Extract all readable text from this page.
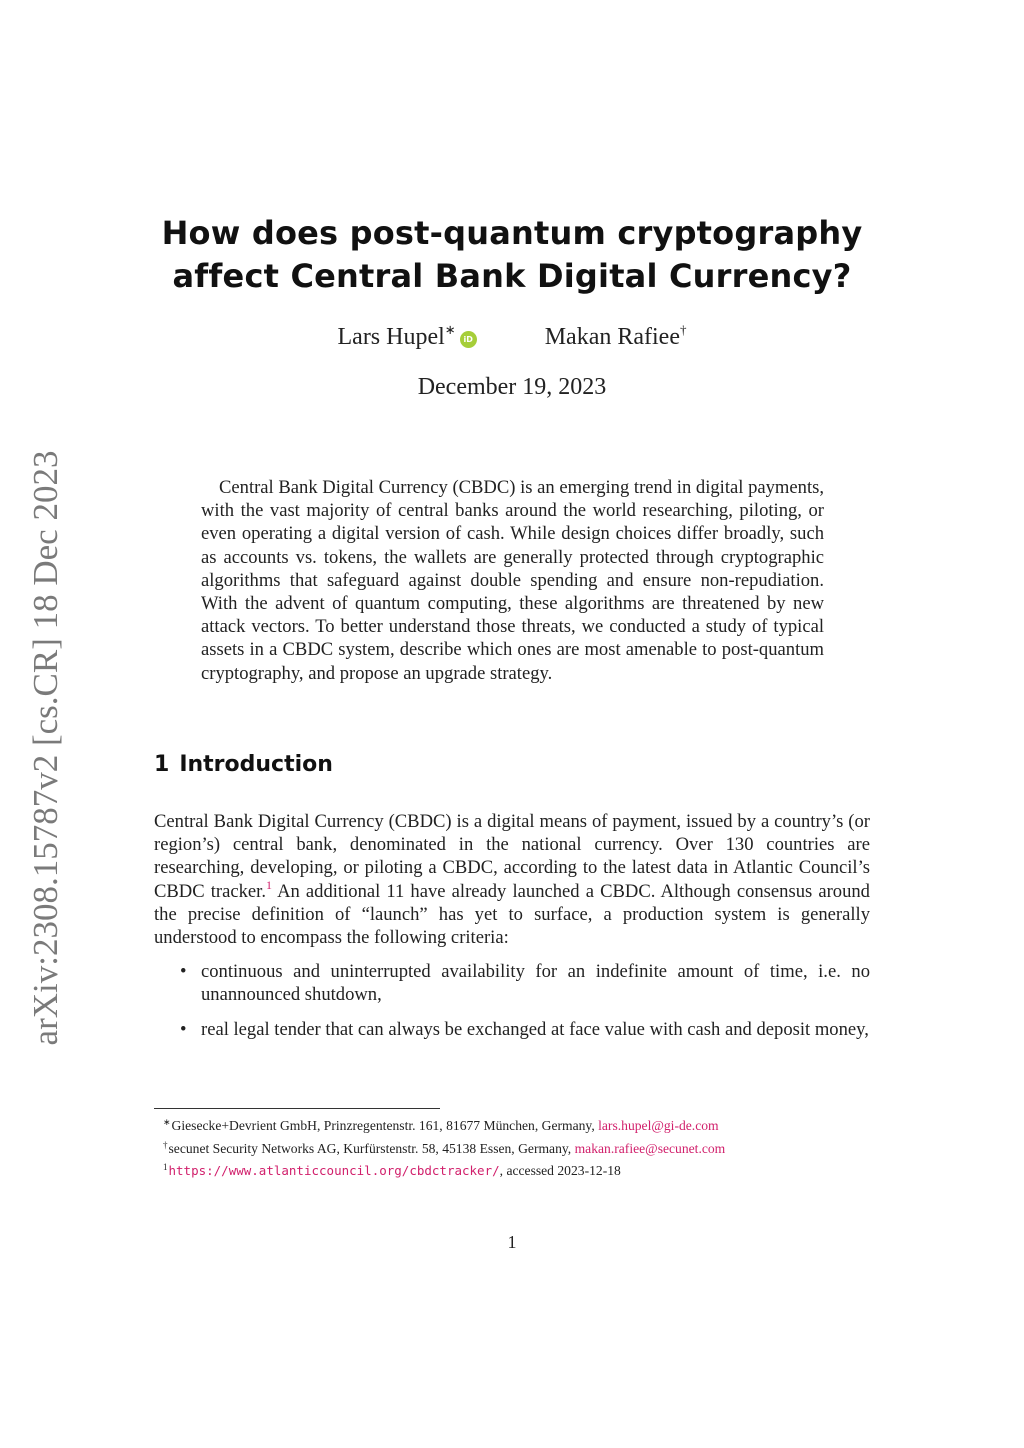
arXiv:2308.15787v2 [cs.CR] 18 Dec 2023
How does post-quantum cryptography
affect Central Bank Digital Currency?
Lars Hupel∗iD	Makan Rafiee†
December 19, 2023

Central Bank Digital Currency (CBDC) is an emerging trend in digital payments, with the vast majority of central banks around the world researching, piloting, or even operating a digital version of cash. While design choices differ broadly, such as accounts vs. tokens, the wallets are generally protected through cryptographic algorithms that safeguard against double spending and ensure non-repudiation. With the advent of quantum computing, these algorithms are threatened by new attack vectors. To better understand those threats, we conducted a study of typical assets in a CBDC system, describe which ones are most amenable to post-quantum cryptography, and propose an upgrade strategy.

1 Introduction

Central Bank Digital Currency (CBDC) is a digital means of payment, issued by a country’s (or region’s) central bank, denominated in the national currency. Over 130 countries are researching, developing, or piloting a CBDC, according to the latest data in Atlantic Council’s CBDC tracker.$^1$ An additional 11 have already launched a CBDC. Although consensus around the precise definition of “launch” has yet to surface, a production system is generally understood to encompass the following criteria:

• continuous and uninterrupted availability for an indefinite amount of time, i.e. no unannounced shutdown,
• real legal tender that can always be exchanged at face value with cash and deposit money,

∗Giesecke+Devrient GmbH, Prinzregentenstr. 161, 81677 München, Germany, lars.hupel@gi-de.com

†secunet Security Networks AG, Kurfürstenstr. 58, 45138 Essen, Germany, makan.rafiee@secunet.com

$^1$https://www.atlanticcouncil.org/cbdctracker/, accessed 2023-12-18

1
